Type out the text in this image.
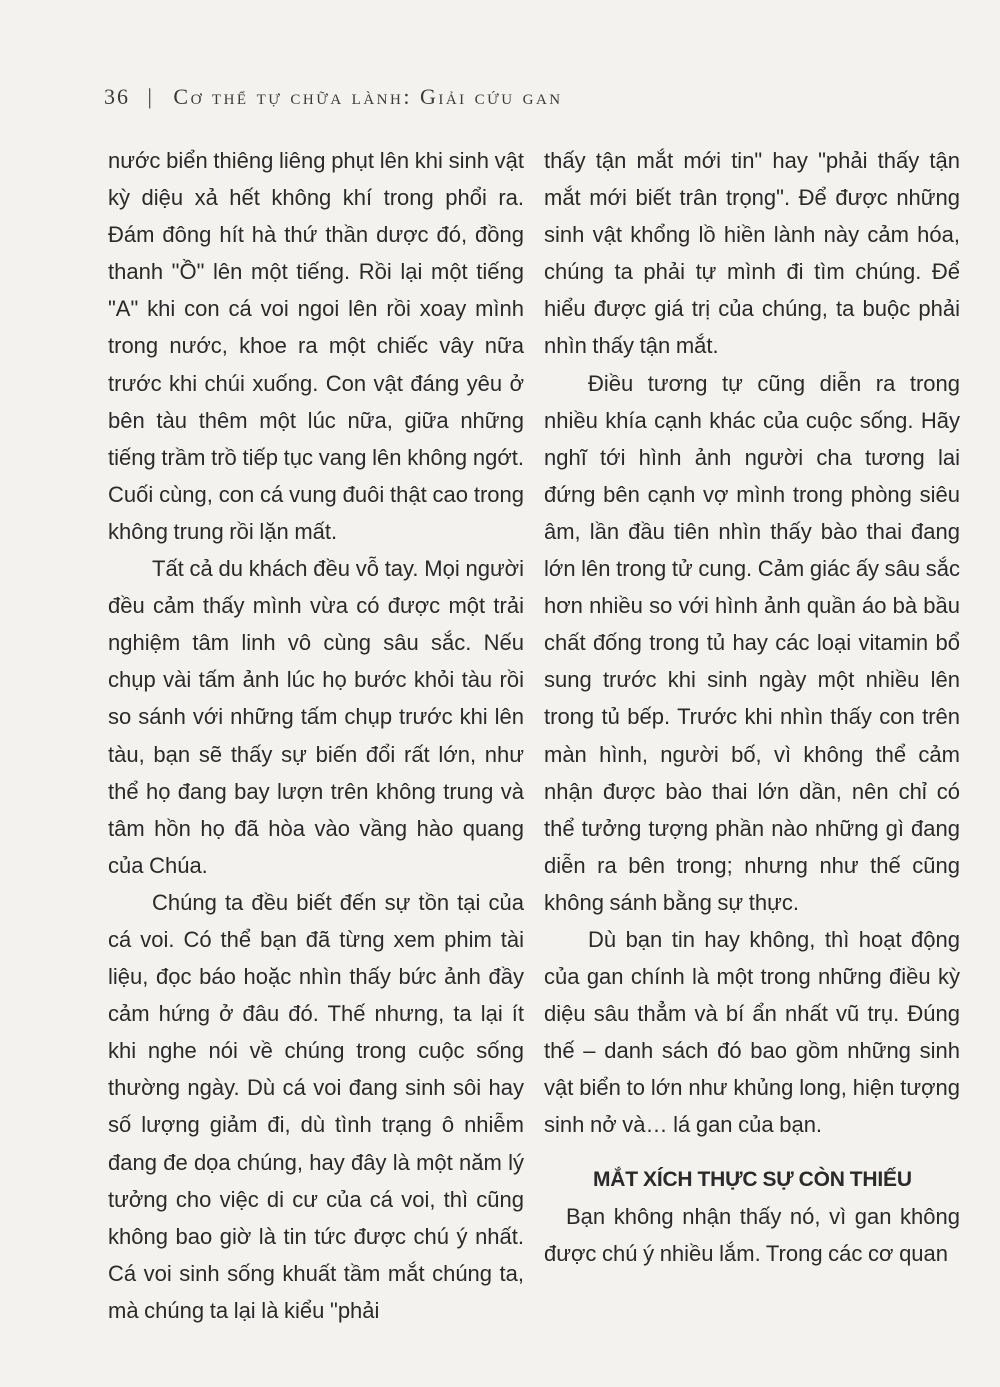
36 | Cơ thể tự chữa lành: Giải cứu gan

nước biển thiêng liêng phụt lên khi sinh vật kỳ diệu xả hết không khí trong phổi ra. Đám đông hít hà thứ thần dược đó, đồng thanh "Ồ" lên một tiếng. Rồi lại một tiếng "A" khi con cá voi ngoi lên rồi xoay mình trong nước, khoe ra một chiếc vây nữa trước khi chúi xuống. Con vật đáng yêu ở bên tàu thêm một lúc nữa, giữa những tiếng trầm trồ tiếp tục vang lên không ngớt. Cuối cùng, con cá vung đuôi thật cao trong không trung rồi lặn mất.

Tất cả du khách đều vỗ tay. Mọi người đều cảm thấy mình vừa có được một trải nghiệm tâm linh vô cùng sâu sắc. Nếu chụp vài tấm ảnh lúc họ bước khỏi tàu rồi so sánh với những tấm chụp trước khi lên tàu, bạn sẽ thấy sự biến đổi rất lớn, như thể họ đang bay lượn trên không trung và tâm hồn họ đã hòa vào vầng hào quang của Chúa.

Chúng ta đều biết đến sự tồn tại của cá voi. Có thể bạn đã từng xem phim tài liệu, đọc báo hoặc nhìn thấy bức ảnh đầy cảm hứng ở đâu đó. Thế nhưng, ta lại ít khi nghe nói về chúng trong cuộc sống thường ngày. Dù cá voi đang sinh sôi hay số lượng giảm đi, dù tình trạng ô nhiễm đang đe dọa chúng, hay đây là một năm lý tưởng cho việc di cư của cá voi, thì cũng không bao giờ là tin tức được chú ý nhất. Cá voi sinh sống khuất tầm mắt chúng ta, mà chúng ta lại là kiểu "phải

thấy tận mắt mới tin" hay "phải thấy tận mắt mới biết trân trọng". Để được những sinh vật khổng lồ hiền lành này cảm hóa, chúng ta phải tự mình đi tìm chúng. Để hiểu được giá trị của chúng, ta buộc phải nhìn thấy tận mắt.

Điều tương tự cũng diễn ra trong nhiều khía cạnh khác của cuộc sống. Hãy nghĩ tới hình ảnh người cha tương lai đứng bên cạnh vợ mình trong phòng siêu âm, lần đầu tiên nhìn thấy bào thai đang lớn lên trong tử cung. Cảm giác ấy sâu sắc hơn nhiều so với hình ảnh quần áo bà bầu chất đống trong tủ hay các loại vitamin bổ sung trước khi sinh ngày một nhiều lên trong tủ bếp. Trước khi nhìn thấy con trên màn hình, người bố, vì không thể cảm nhận được bào thai lớn dần, nên chỉ có thể tưởng tượng phần nào những gì đang diễn ra bên trong; nhưng như thế cũng không sánh bằng sự thực.

Dù bạn tin hay không, thì hoạt động của gan chính là một trong những điều kỳ diệu sâu thẳm và bí ẩn nhất vũ trụ. Đúng thế – danh sách đó bao gồm những sinh vật biển to lớn như khủng long, hiện tượng sinh nở và… lá gan của bạn.

MẮT XÍCH THỰC SỰ CÒN THIẾU

Bạn không nhận thấy nó, vì gan không được chú ý nhiều lắm. Trong các cơ quan
